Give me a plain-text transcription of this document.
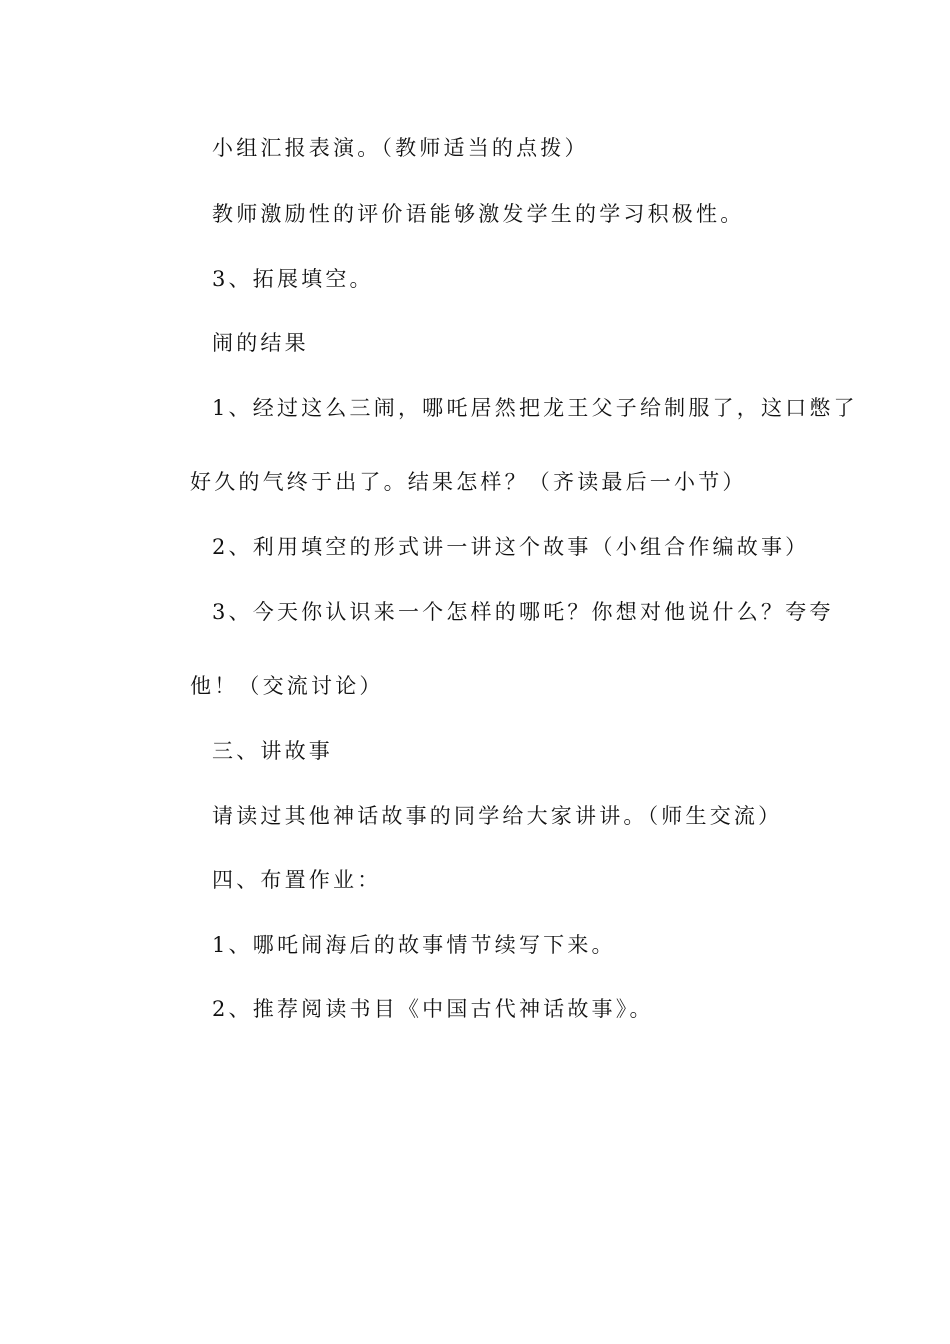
小组汇报表演。（教师适当的点拨）
教师激励性的评价语能够激发学生的学习积极性。
3、拓展填空。
闹的结果
1、经过这么三闹，哪吒居然把龙王父子给制服了，这口憋了
好久的气终于出了。结果怎样？（齐读最后一小节）
2、利用填空的形式讲一讲这个故事（小组合作编故事）
3、今天你认识来一个怎样的哪吒？你想对他说什么？夸夸
他！（交流讨论）
三、讲故事
请读过其他神话故事的同学给大家讲讲。（师生交流）
四、布置作业：
1、哪吒闹海后的故事情节续写下来。
2、推荐阅读书目《中国古代神话故事》。
